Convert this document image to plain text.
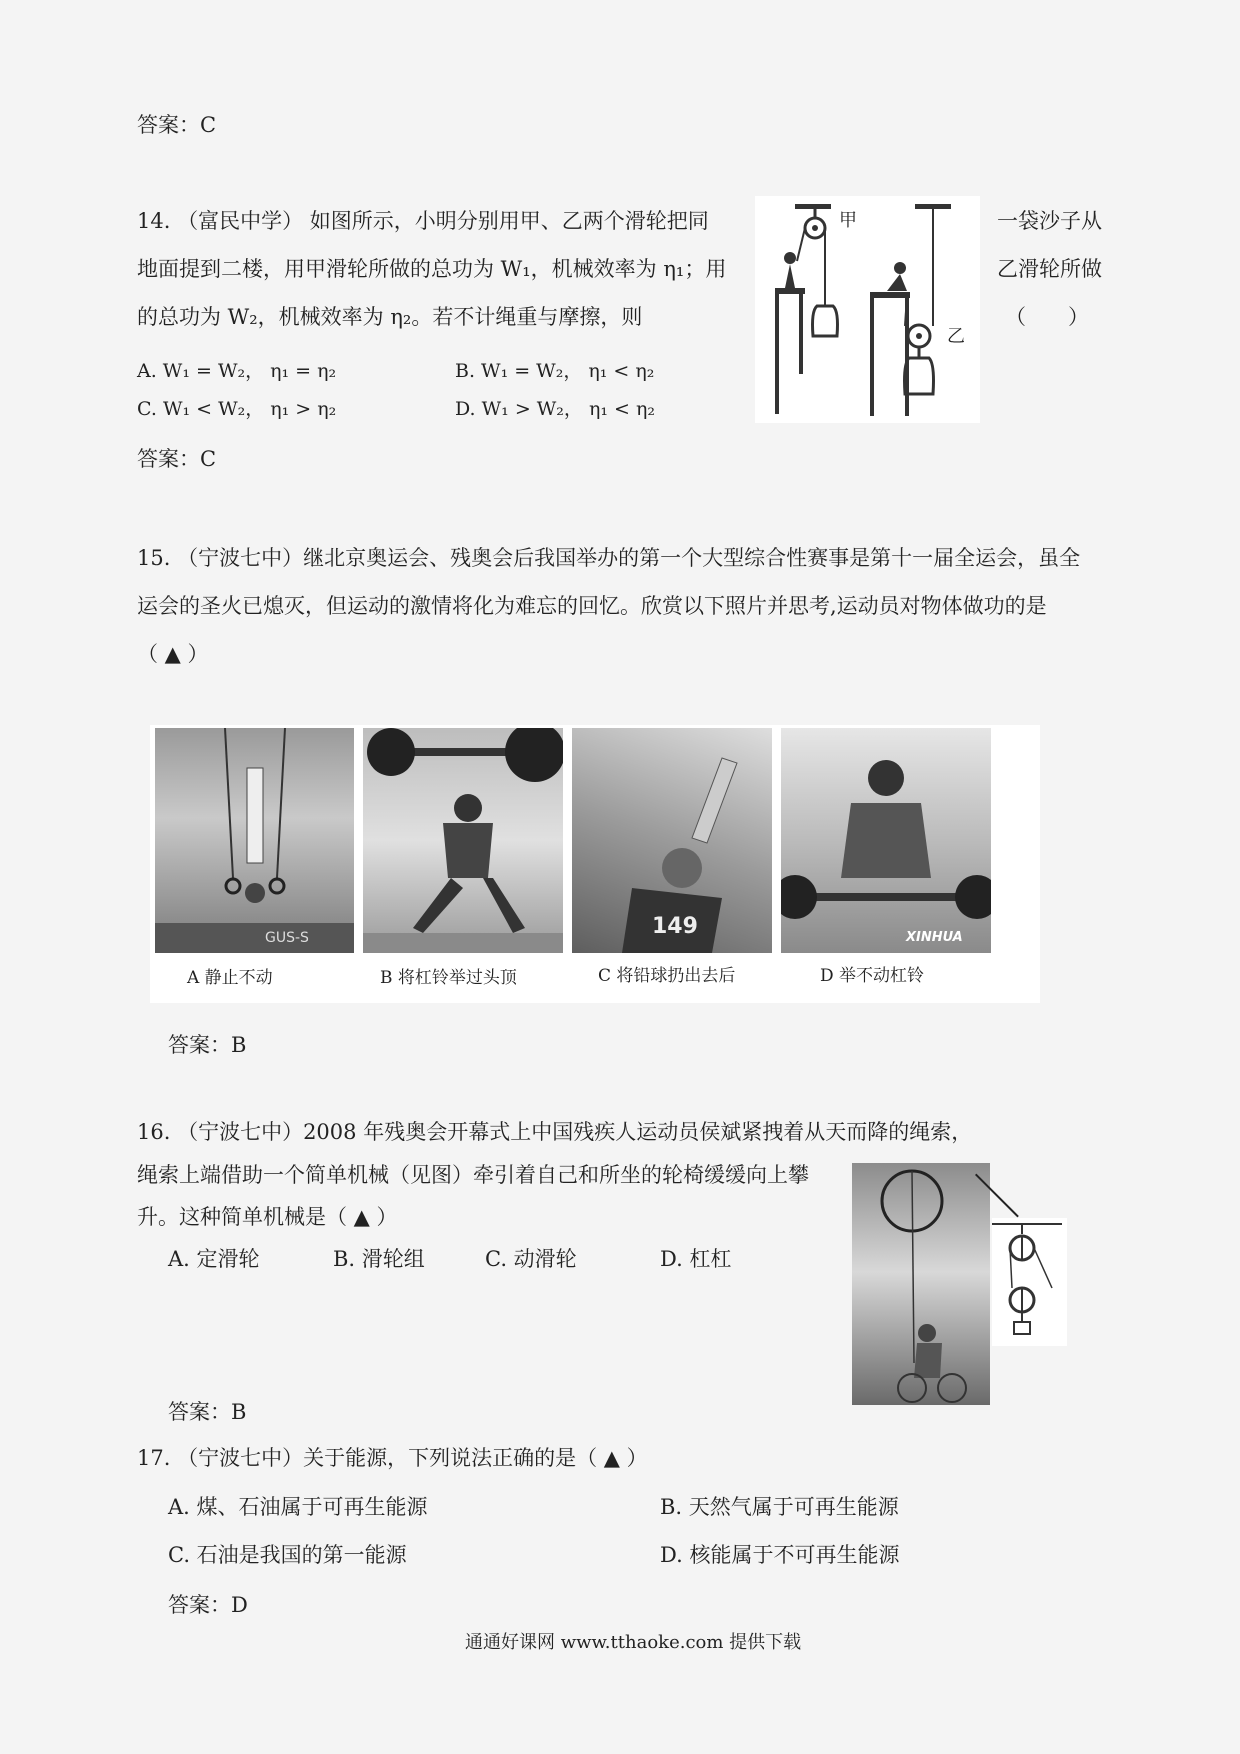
答案：C
14. （富民中学） 如图所示，小明分别用甲、乙两个滑轮把同	一袋沙子从
地面提到二楼，用甲滑轮所做的总功为 W₁，机械效率为 η₁；用	乙滑轮所做
的总功为 W₂，机械效率为 η₂。若不计绳重与摩擦，则	（　　）
甲
乙
A. W₁ = W₂， η₁ = η₂	B. W₁ = W₂， η₁ < η₂
C. W₁ < W₂， η₁ > η₂	D. W₁ > W₂， η₁ < η₂
答案：C
15. （宁波七中）继北京奥运会、残奥会后我国举办的第一个大型综合性赛事是第十一届全运会，虽全
运会的圣火已熄灭，但运动的激情将化为难忘的回忆。欣赏以下照片并思考,运动员对物体做功的是
（ ▲ ）
GUS-S	149	XINHUA
A 静止不动	B 将杠铃举过头顶	C 将铅球扔出去后	D 举不动杠铃
答案：B
16. （宁波七中）2008 年残奥会开幕式上中国残疾人运动员侯斌紧拽着从天而降的绳索，
绳索上端借助一个简单机械（见图）牵引着自己和所坐的轮椅缓缓向上攀
升。这种简单机械是（ ▲ ）
A. 定滑轮	B. 滑轮组	C. 动滑轮	D. 杠杠
答案：B
17. （宁波七中）关于能源，下列说法正确的是（ ▲ ）
A. 煤、石油属于可再生能源	B. 天然气属于可再生能源
C. 石油是我国的第一能源	D. 核能属于不可再生能源
答案：D
通通好课网 www.tthaoke.com 提供下载
